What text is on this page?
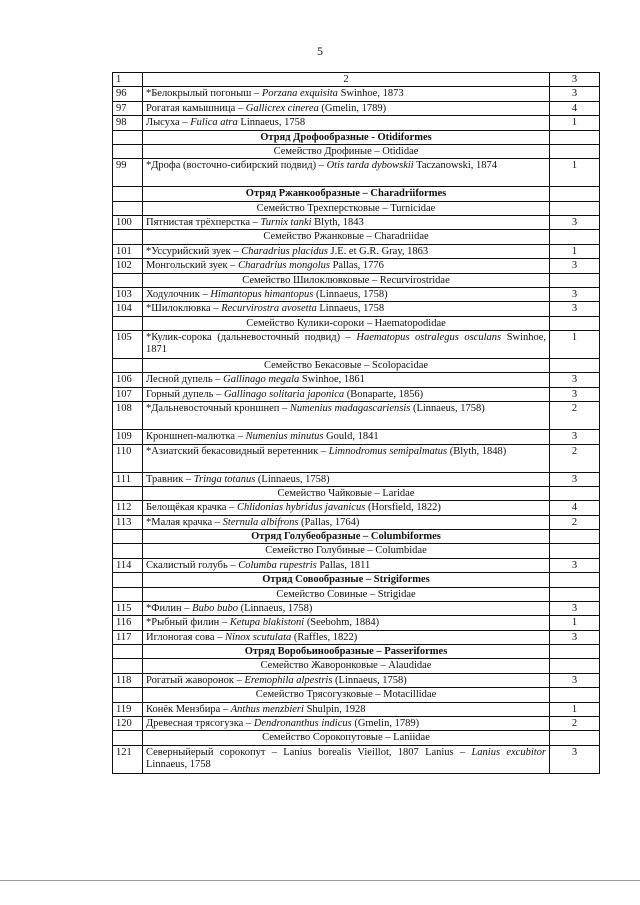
5
1	2	3
96	*Белокрылый погоныш – Porzana exquisita Swinhoe, 1873	3
97	Рогатая камышница – Gallicrex cinerea (Gmelin, 1789)	4
98	Лысуха – Fulica atra Linnaeus, 1758	1
	Отряд Дрофообразные - Otidiformes	
	Семейство Дрофиные – Otididae	
99	*Дрофа (восточно-сибирский подвид) – Otis tarda dybowskii Taczanowski, 1874	1
	Отряд Ржанкообразные – Charadriiformes	
	Семейство Трехперстковые – Turnicidae	
100	Пятнистая трёхперстка – Turnix tanki Blyth, 1843	3
	Семейство Ржанковые – Charadriidae	
101	*Уссурийский зуек – Charadrius placidus J.E. et G.R. Gray, 1863	1
102	Монгольский зуек – Charadrius mongolus Pallas, 1776	3
	Семейство Шилоклювковые – Recurvirostridae	
103	Ходулочник – Himantopus himantopus (Linnaeus, 1758)	3
104	*Шилоклювка – Recurvirostra avosetta Linnaeus, 1758	3
	Семейство Кулики-сороки – Haematopodidae	
105	*Кулик-сорока (дальневосточный подвид) – Haematopus ostralegus osculans Swinhoe, 1871	1
	Семейство Бекасовые – Scolopacidae	
106	Лесной дупель – Gallinago megala Swinhoe, 1861	3
107	Горный дупель – Gallinago solitaria japonica (Bonaparte, 1856)	3
108	*Дальневосточный кроншнеп – Numenius madagascariensis (Linnaeus, 1758)	2
109	Кроншнеп-малютка – Numenius minutus Gould, 1841	3
110	*Азиатский бекасовидный веретенник – Limnodromus semipalmatus (Blyth, 1848)	2
111	Травник – Tringa totanus (Linnaeus, 1758)	3
	Семейство Чайковые – Laridae	
112	Белощёкая крачка – Chlidonias hybridus javanicus (Horsfield, 1822)	4
113	*Малая крачка – Sternula albifrons (Pallas, 1764)	2
	Отряд Голубеобразные – Columbiformes	
	Семейство Голубиные – Columbidae	
114	Скалистый голубь – Columba rupestris Pallas, 1811	3
	Отряд Совообразные – Strigiformes	
	Семейство Совиные – Strigidae	
115	*Филин – Bubo bubo (Linnaeus, 1758)	3
116	*Рыбный филин – Ketupa blakistoni (Seebohm, 1884)	1
117	Иглоногая сова – Ninox scutulata (Raffles, 1822)	3
	Отряд Воробьинообразные – Passeriformes	
	Семейство Жаворонковые – Alaudidae	
118	Рогатый жаворонок – Eremophila alpestris (Linnaeus, 1758)	3
	Семейство Трясогузковые – Motacillidae	
119	Конёк Мензбира – Anthus menzbieri Shulpin, 1928	1
120	Древесная трясогузка – Dendronanthus indicus (Gmelin, 1789)	2
	Семейство Сорокопутовые – Laniidae	
121	Северныйерый сорокопут – Lanius borealis Vieillot, 1807 Lanius – Lanius excubitor Linnaeus, 1758	3
